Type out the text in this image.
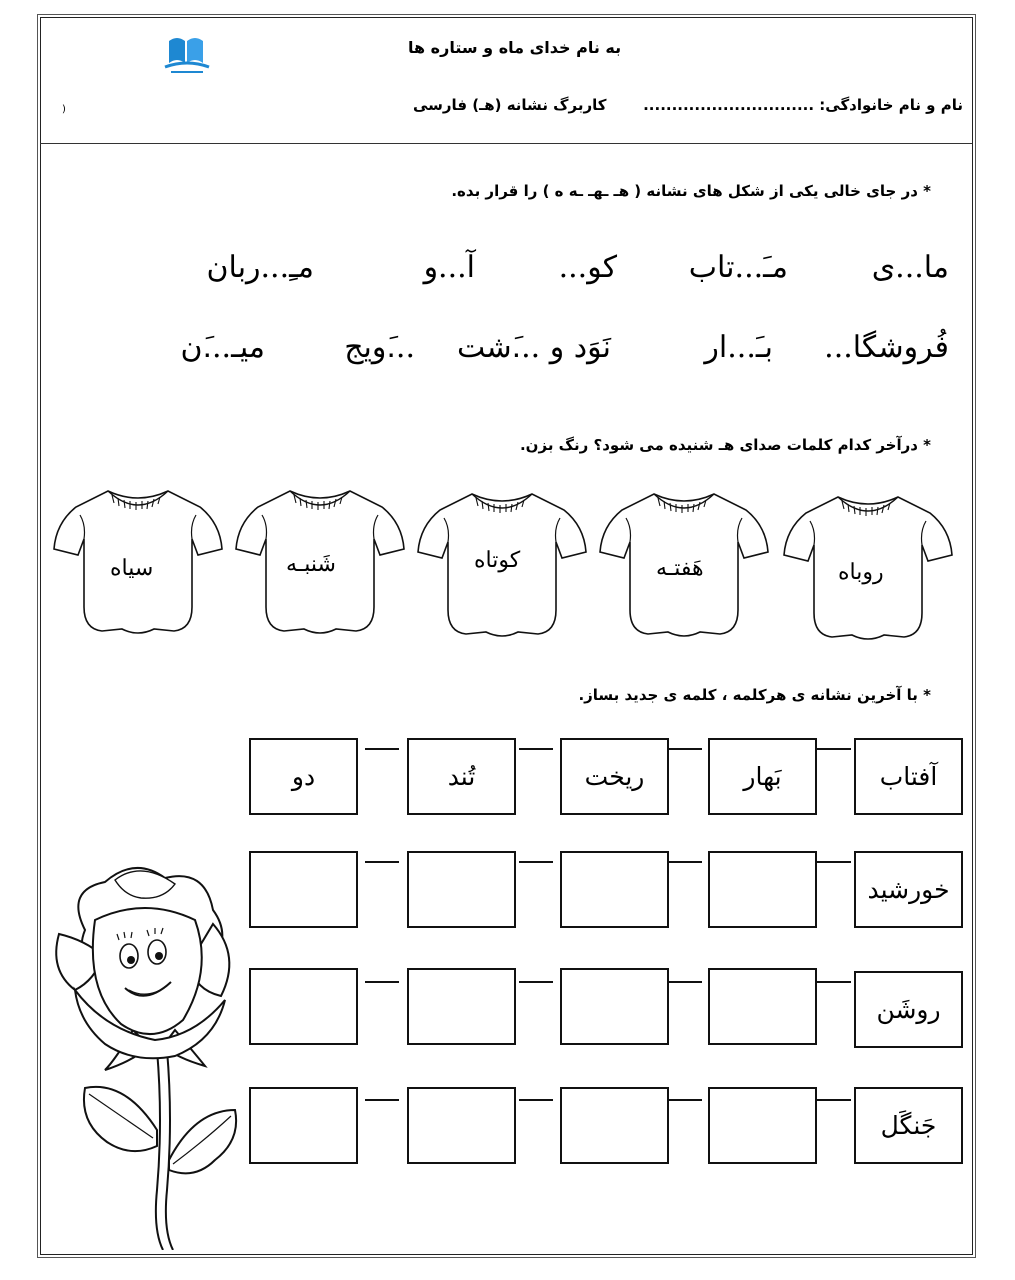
به نام خدای ماه و ستاره ها
نام و نام خانوادگی: ..............................
کاربرگ نشانه (هـ) فارسی
(
* در جای خالی یکی از شکل های نشانه ( هـ ـهـ ـه ه ) را قرار بده.
ما...ی
مـَ...تاب
کو...
آ...و
مـِ...ربان
فُروشگا...
بـَ...ار
نَوَد و ...َشت
...َویج
میـ...َن
* درآخر کدام کلمات صدای هـ شنیده می شود؟ رنگ بزن.
روباه
هَفتـه
کوتاه
شَنبـه
سیاه
* با آخرین نشانه ی هرکلمه ، کلمه ی جدید بساز.
آفتاب
بَهار
ریخت
تُند
دو
خورشید
روشَن
جَنگَل
